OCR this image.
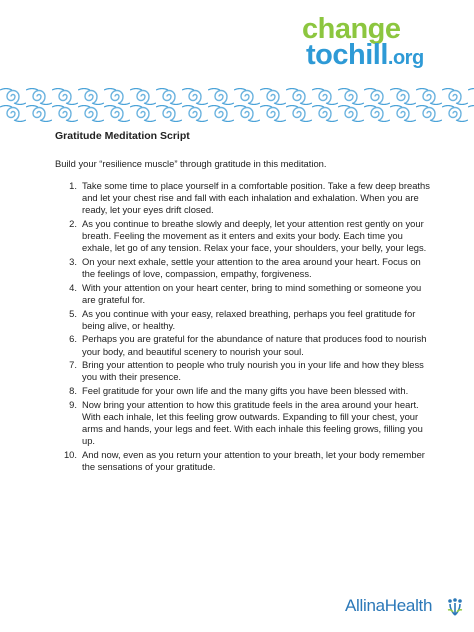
change
tochill.org
Gratitude Meditation Script
Build your “resilience muscle” through gratitude in this meditation.
1. Take some time to place yourself in a comfortable position. Take a few deep breaths and let your chest rise and fall with each inhalation and exhalation. When you are ready, let your eyes drift closed.
2. As you continue to breathe slowly and deeply, let your attention rest gently on your breath. Feeling the movement as it enters and exits your body. Each time you exhale, let go of any tension. Relax your face, your shoulders, your belly, your legs.
3. On your next exhale, settle your attention to the area around your heart. Focus on the feelings of love, compassion, empathy, forgiveness.
4. With your attention on your heart center, bring to mind something or someone you are grateful for.
5. As you continue with your easy, relaxed breathing, perhaps you feel gratitude for being alive, or healthy.
6. Perhaps you are grateful for the abundance of nature that produces food to nourish your body, and beautiful scenery to nourish your soul.
7. Bring your attention to people who truly nourish you in your life and how they bless you with their presence.
8. Feel gratitude for your own life and the many gifts you have been blessed with.
9. Now bring your attention to how this gratitude feels in the area around your heart. With each inhale, let this feeling grow outwards. Expanding to fill your chest, your arms and hands, your legs and feet. With each inhale this feeling grows, filling you up.
10. And now, even as you return your attention to your breath, let your body remember the sensations of your gratitude.
AllinaHealth
